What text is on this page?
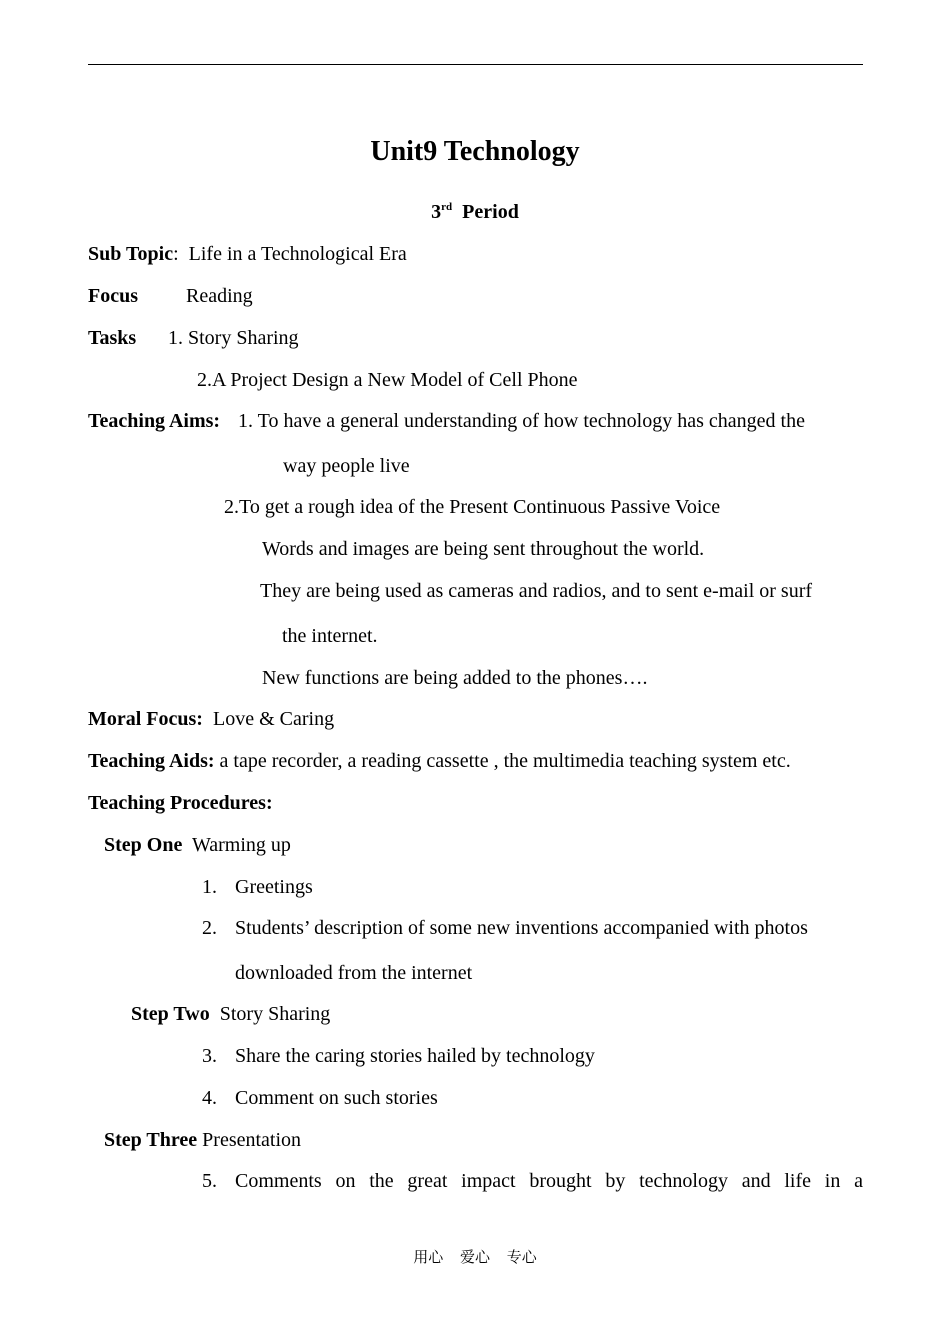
Unit9 Technology
3rd Period
Sub Topic:  Life in a Technological Era
Focus Reading
Tasks 1. Story Sharing
2.A Project Design a New Model of Cell Phone
Teaching Aims: 1. To have a general understanding of how technology has changed the
way people live
2.To get a rough idea of the Present Continuous Passive Voice
Words and images are being sent throughout the world.
They are being used as cameras and radios, and to sent e-mail or surf
the internet.
New functions are being added to the phones….
Moral Focus: Love & Caring
Teaching Aids: a tape recorder, a reading cassette , the multimedia teaching system etc.
Teaching Procedures:
Step One Warming up
1. Greetings
2. Students’ description of some new inventions accompanied with photos
downloaded from the internet
Step Two Story Sharing
3. Share the caring stories hailed by technology
4. Comment on such stories
Step Three Presentation
5. Comments on the great impact brought by technology and life in a
用心 爱心 专心
